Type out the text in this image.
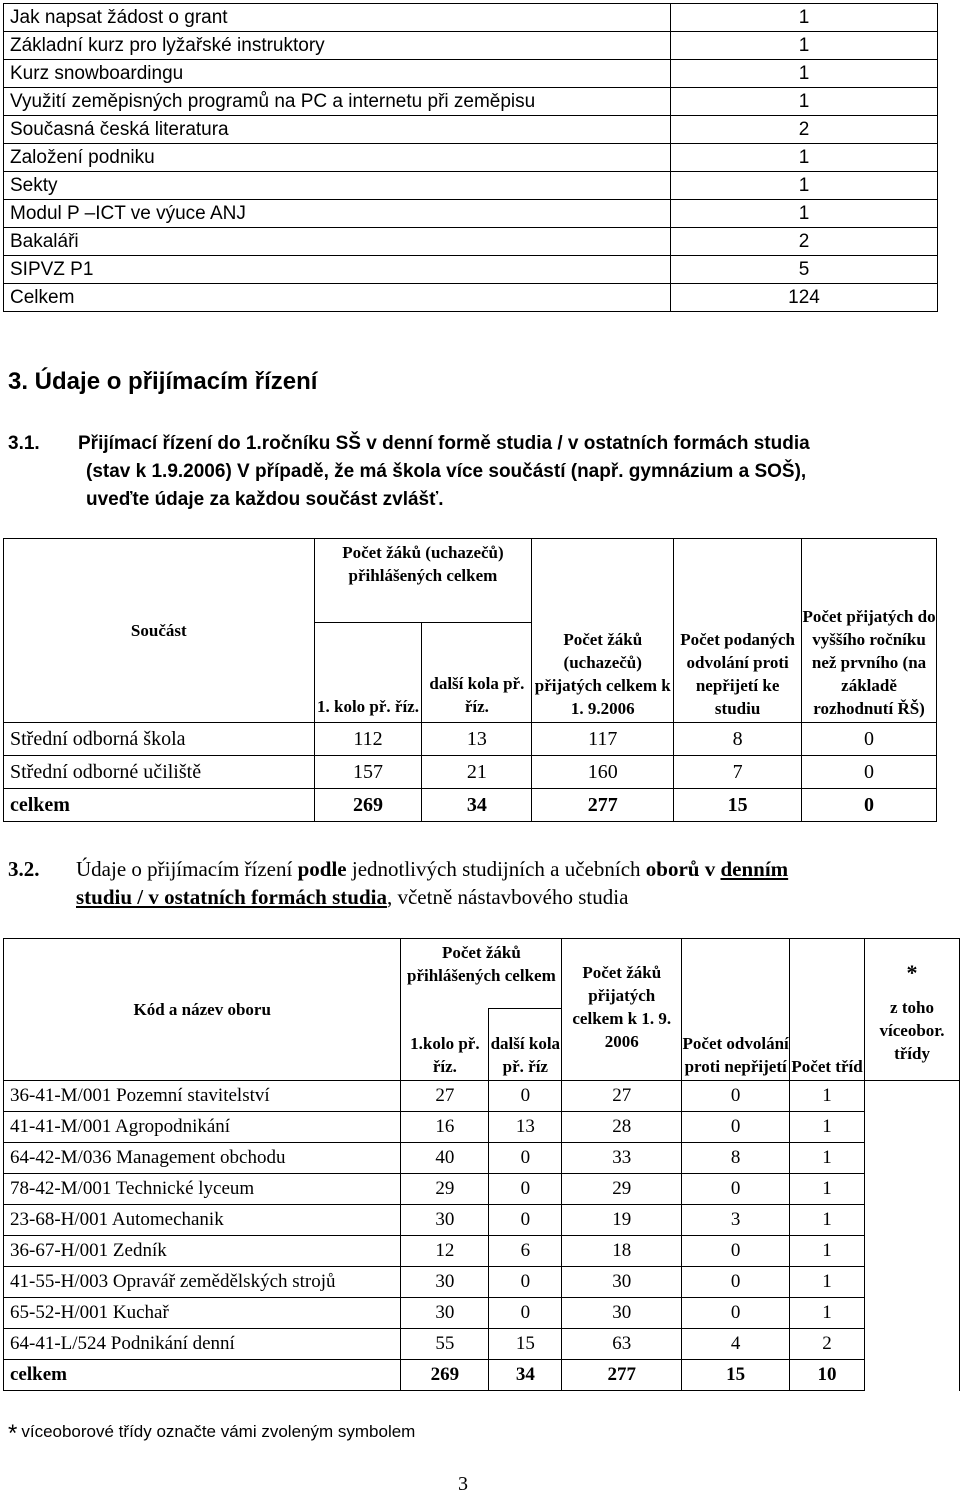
Jak napsat žádost o grant	1
Základní kurz pro lyžařské instruktory	1
Kurz snowboardingu	1
Využití zeměpisných programů na PC a internetu při zeměpisu	1
Současná česká literatura	2
Založení podniku	1
Sekty	1
Modul P –ICT ve výuce ANJ	1
Bakaláři	2
SIPVZ P1	5
Celkem	124
3. Údaje o přijímacím řízení
3.1. Přijímací řízení do 1.ročníku SŠ v denní formě studia / v ostatních formách studia
(stav k 1.9.2006) V případě, že má škola více součástí (např. gymnázium a SOŠ),
uveďte údaje za každou součást zvlášť.
Součást	Počet žáků (uchazečů) přihlášených celkem		Počet žáků (uchazečů) přijatých celkem k 1. 9.2006	Počet podaných odvolání proti nepřijetí ke studiu	Počet přijatých do vyššího ročníku než prvního (na základě rozhodnutí ŘŠ)
	1. kolo př. říz.	další kola př. říz.			
Střední odborná škola	112	13	117	8	0
Střední odborné učiliště	157	21	160	7	0
celkem	269	34	277	15	0
3.2. Údaje o přijímacím řízení podle jednotlivých studijních a učebních oborů v denním
studiu / v ostatních formách studia, včetně nástavbového studia
Kód a název oboru	Počet žáků přihlášených celkem		Počet žáků přijatých celkem k 1. 9. 2006	Počet odvolání proti nepřijetí	Počet tříd	*
z toho víceobor. třídy

	1.kolo př. říz.	další kola př. říz				
36-41-M/001 Pozemní stavitelství	27	0	27	0	1	
41-41-M/001 Agropodnikání	16	13	28	0	1	
64-42-M/036 Management obchodu	40	0	33	8	1	
78-42-M/001 Technické lyceum	29	0	29	0	1	
23-68-H/001 Automechanik	30	0	19	3	1	
36-67-H/001 Zedník	12	6	18	0	1	
41-55-H/003 Opravář zemědělských strojů	30	0	30	0	1	
65-52-H/001 Kuchař	30	0	30	0	1	
64-41-L/524 Podnikání denní	55	15	63	4	2	
celkem	269	34	277	15	10	
* víceoborové třídy označte vámi zvoleným symbolem
3
